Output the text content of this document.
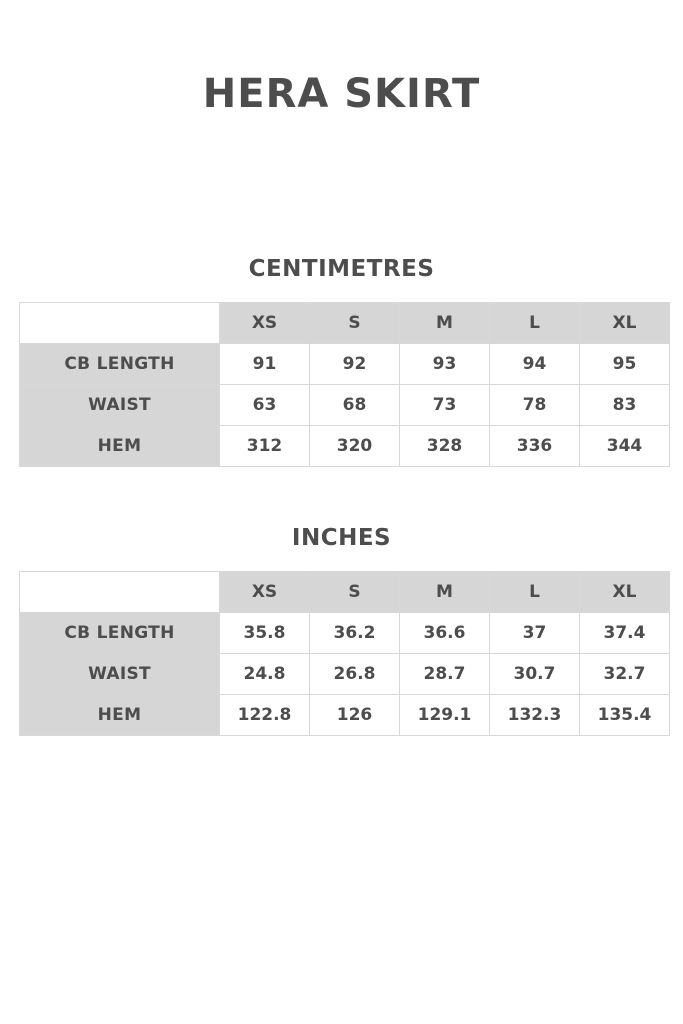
HERA SKIRT
CENTIMETRES
	XS	S	M	L	XL
CB LENGTH	91	92	93	94	95
WAIST	63	68	73	78	83
HEM	312	320	328	336	344
INCHES
	XS	S	M	L	XL
CB LENGTH	35.8	36.2	36.6	37	37.4
WAIST	24.8	26.8	28.7	30.7	32.7
HEM	122.8	126	129.1	132.3	135.4
